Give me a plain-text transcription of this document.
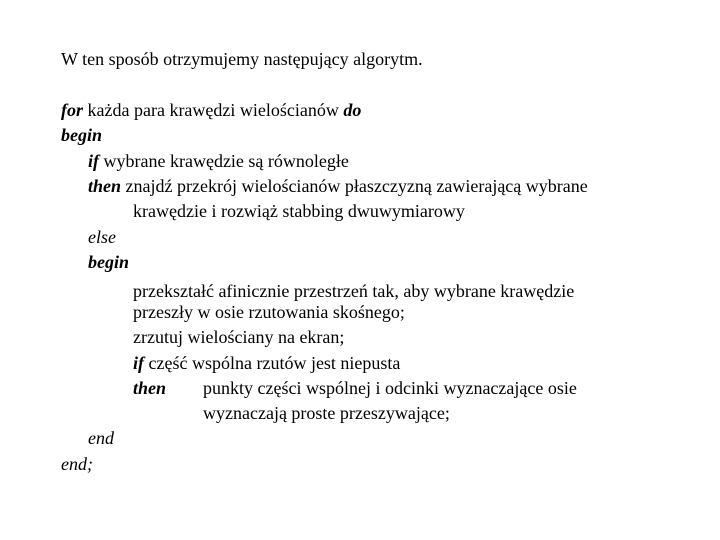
W ten sposób otrzymujemy następujący algorytm.
for każda para krawędzi wielościanów do
begin
if wybrane krawędzie są równoległe
then znajdź przekrój wielościanów płaszczyzną zawierającą wybrane
krawędzie i rozwiąż stabbing dwuwymiarowy
else
begin
przekształć afinicznie przestrzeń tak, aby wybrane krawędzie
przeszły w osie rzutowania skośnego;
zrzutuj wielościany na ekran;
if część wspólna rzutów jest niepusta
then punkty części wspólnej i odcinki wyznaczające osie
wyznaczają proste przeszywające;
end
end;
